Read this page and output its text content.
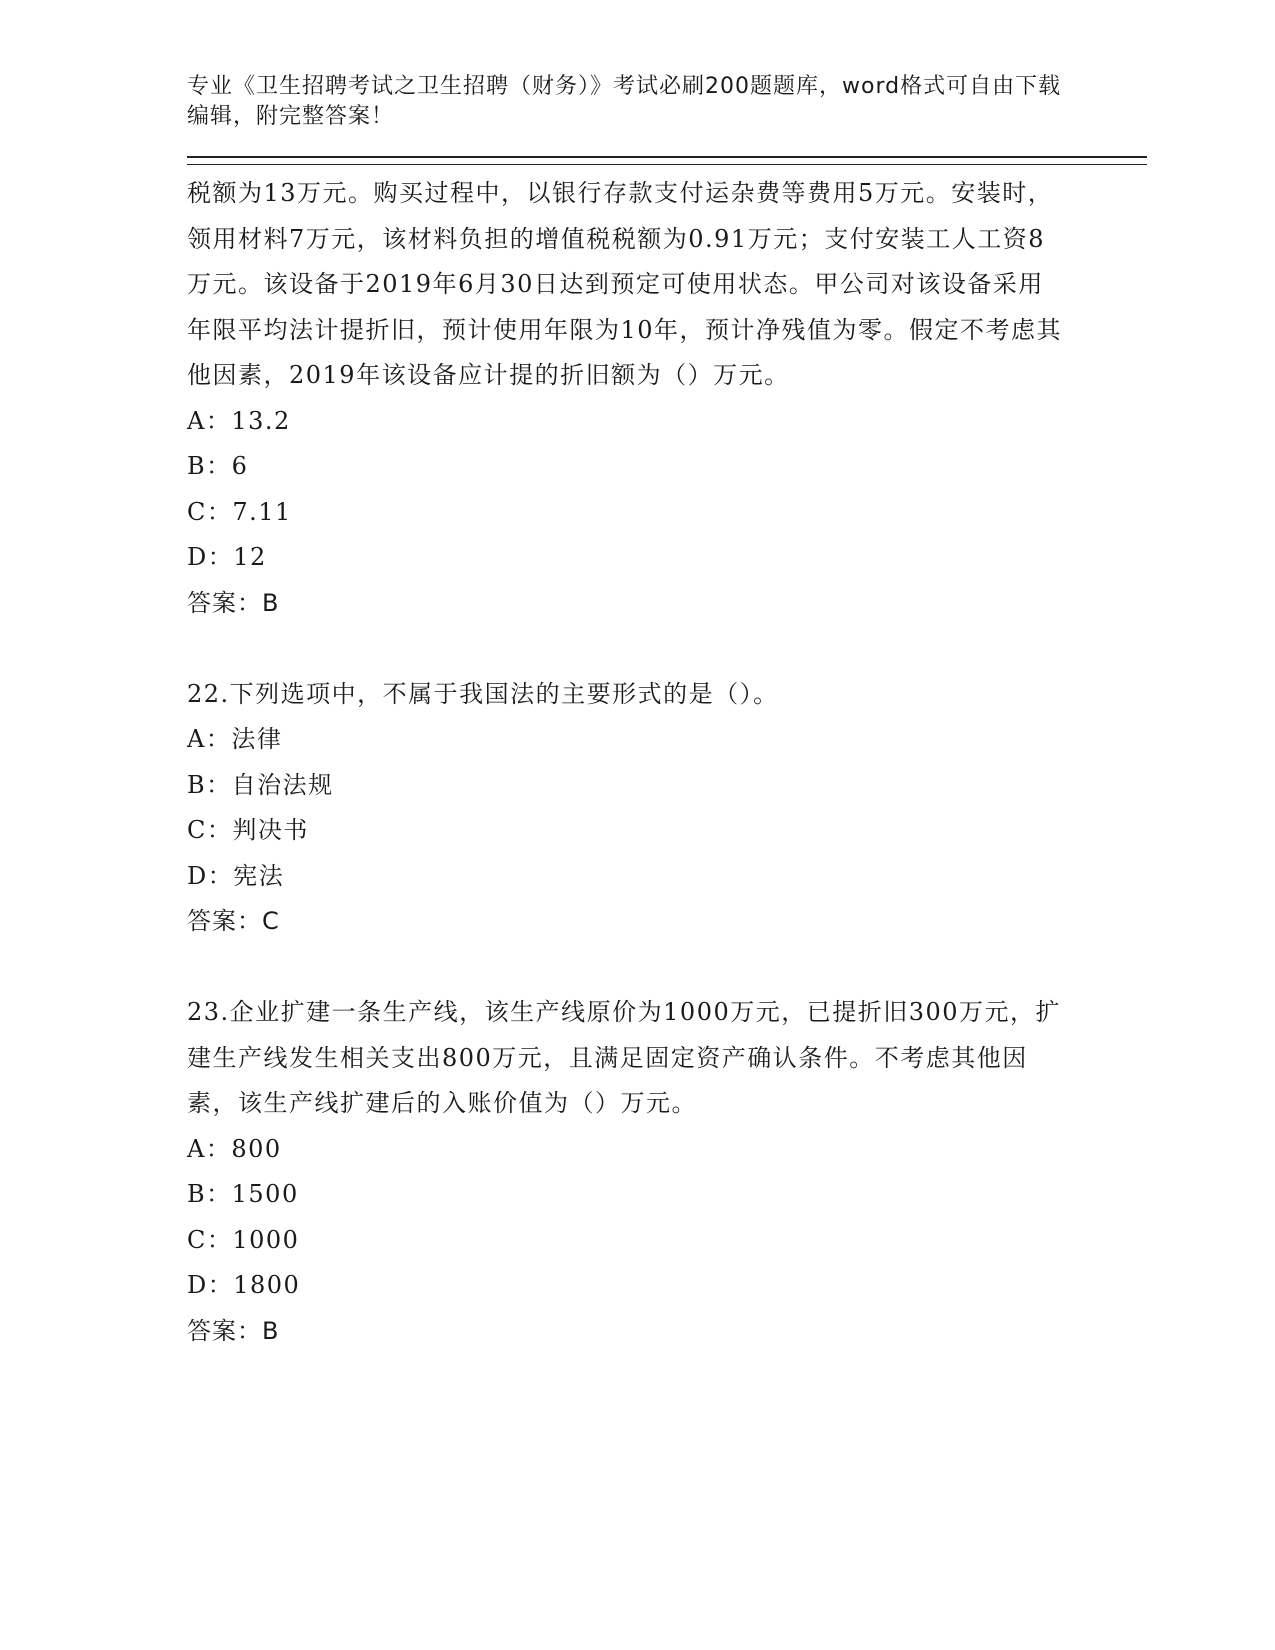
专业《卫生招聘考试之卫生招聘（财务）》考试必刷200题题库，word格式可自由下载编辑，附完整答案！

税额为13万元。购买过程中，以银行存款支付运杂费等费用5万元。安装时，领用材料7万元，该材料负担的增值税税额为0.91万元；支付安装工人工资8万元。该设备于2019年6月30日达到预定可使用状态。甲公司对该设备采用年限平均法计提折旧，预计使用年限为10年，预计净残值为零。假定不考虑其他因素，2019年该设备应计提的折旧额为（）万元。

A：13.2

B：6

C：7.11

D：12

答案：B

22.下列选项中，不属于我国法的主要形式的是（）。

A：法律

B：自治法规

C：判决书

D：宪法

答案：C

23.企业扩建一条生产线，该生产线原价为1000万元，已提折旧300万元，扩建生产线发生相关支出800万元，且满足固定资产确认条件。不考虑其他因素，该生产线扩建后的入账价值为（）万元。

A：800

B：1500

C：1000

D：1800

答案：B
